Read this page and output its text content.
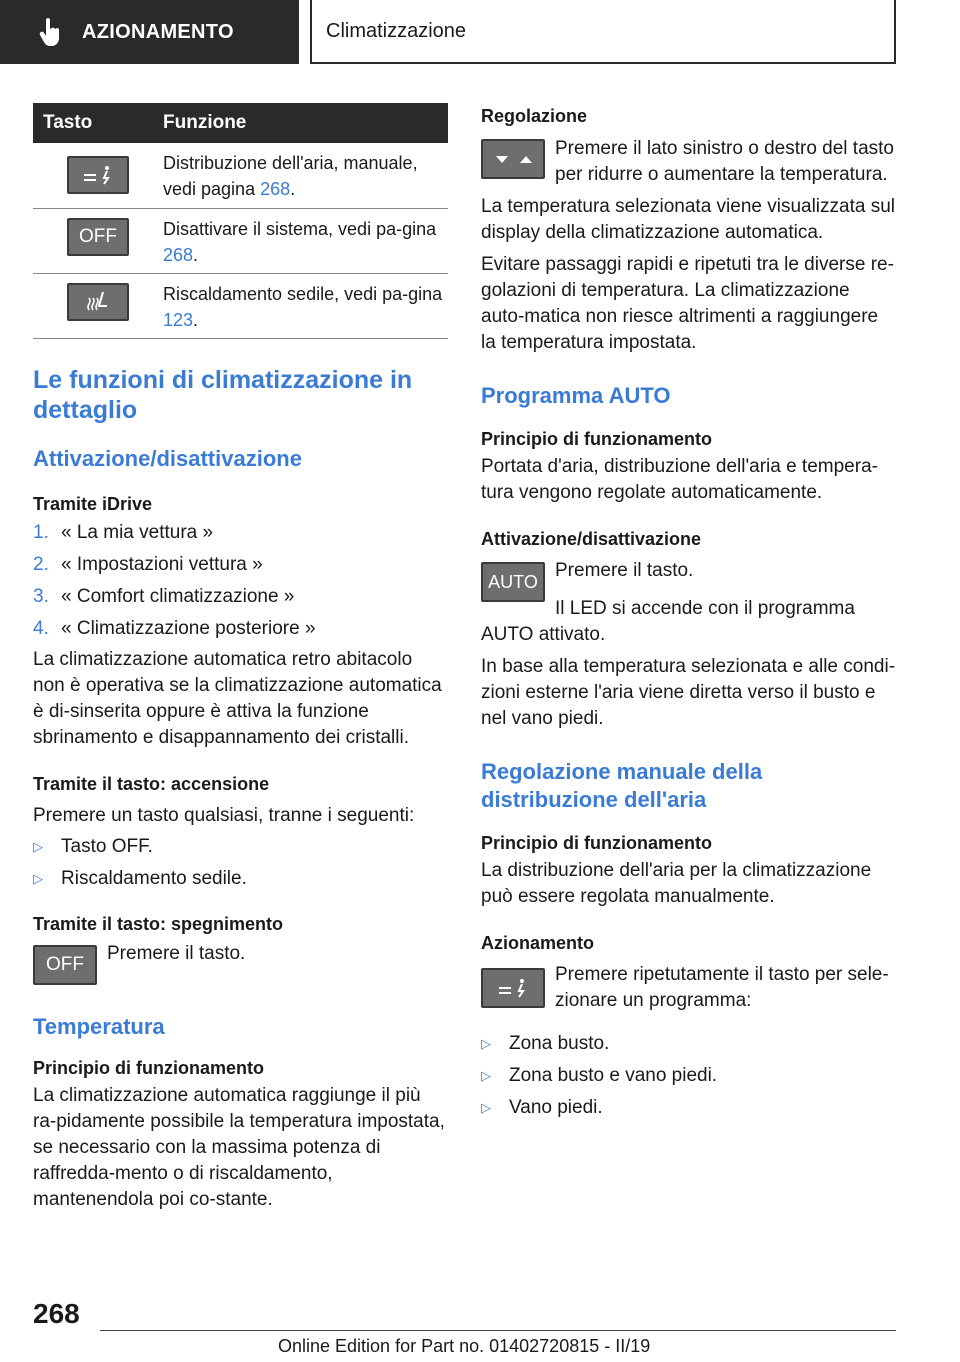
AZIONAMENTO	Climatizzazione
Tasto	Funzione
Distribuzione dell'aria, manuale, vedi pagina 268.
OFF	Disattivare il sistema, vedi pa‐gina 268.
Riscaldamento sedile, vedi pa‐gina 123.
Le funzioni di climatizzazione in dettaglio
Attivazione/disattivazione
Tramite iDrive
1. « La mia vettura »
2. « Impostazioni vettura »
3. « Comfort climatizzazione »
4. « Climatizzazione posteriore »

La climatizzazione automatica retro abitacolo non è operativa se la climatizzazione automatica è di‐sinserita oppure è attiva la funzione sbrinamento e disappannamento dei cristalli.

Tramite il tasto: accensione

Premere un tasto qualsiasi, tranne i seguenti:

▷ Tasto OFF.
▷ Riscaldamento sedile.
Tramite il tasto: spegnimento
OFF

Premere il tasto.

Temperatura
Principio di funzionamento

La climatizzazione automatica raggiunge il più ra‐pidamente possibile la temperatura impostata, se necessario con la massima potenza di raffredda‐mento o di riscaldamento, mantenendola poi co‐stante.

Regolazione

Premere il lato sinistro o destro del tasto per ridurre o aumentare la temperatura.

La temperatura selezionata viene visualizzata sul display della climatizzazione automatica.

Evitare passaggi rapidi e ripetuti tra le diverse re‐golazioni di temperatura. La climatizzazione auto‐matica non riesce altrimenti a raggiungere la temperatura impostata.

Programma AUTO
Principio di funzionamento

Portata d'aria, distribuzione dell'aria e tempera‐tura vengono regolate automaticamente.

Attivazione/disattivazione
AUTO

Premere il tasto.

Il LED si accende con il programma AUTO attivato.

In base alla temperatura selezionata e alle condi‐zioni esterne l'aria viene diretta verso il busto e nel vano piedi.

Regolazione manuale della distribuzione dell'aria
Principio di funzionamento

La distribuzione dell'aria per la climatizzazione può essere regolata manualmente.

Azionamento

Premere ripetutamente il tasto per sele‐zionare un programma:

▷ Zona busto.
▷ Zona busto e vano piedi.
▷ Vano piedi.
268
Online Edition for Part no. 01402720815 - II/19
